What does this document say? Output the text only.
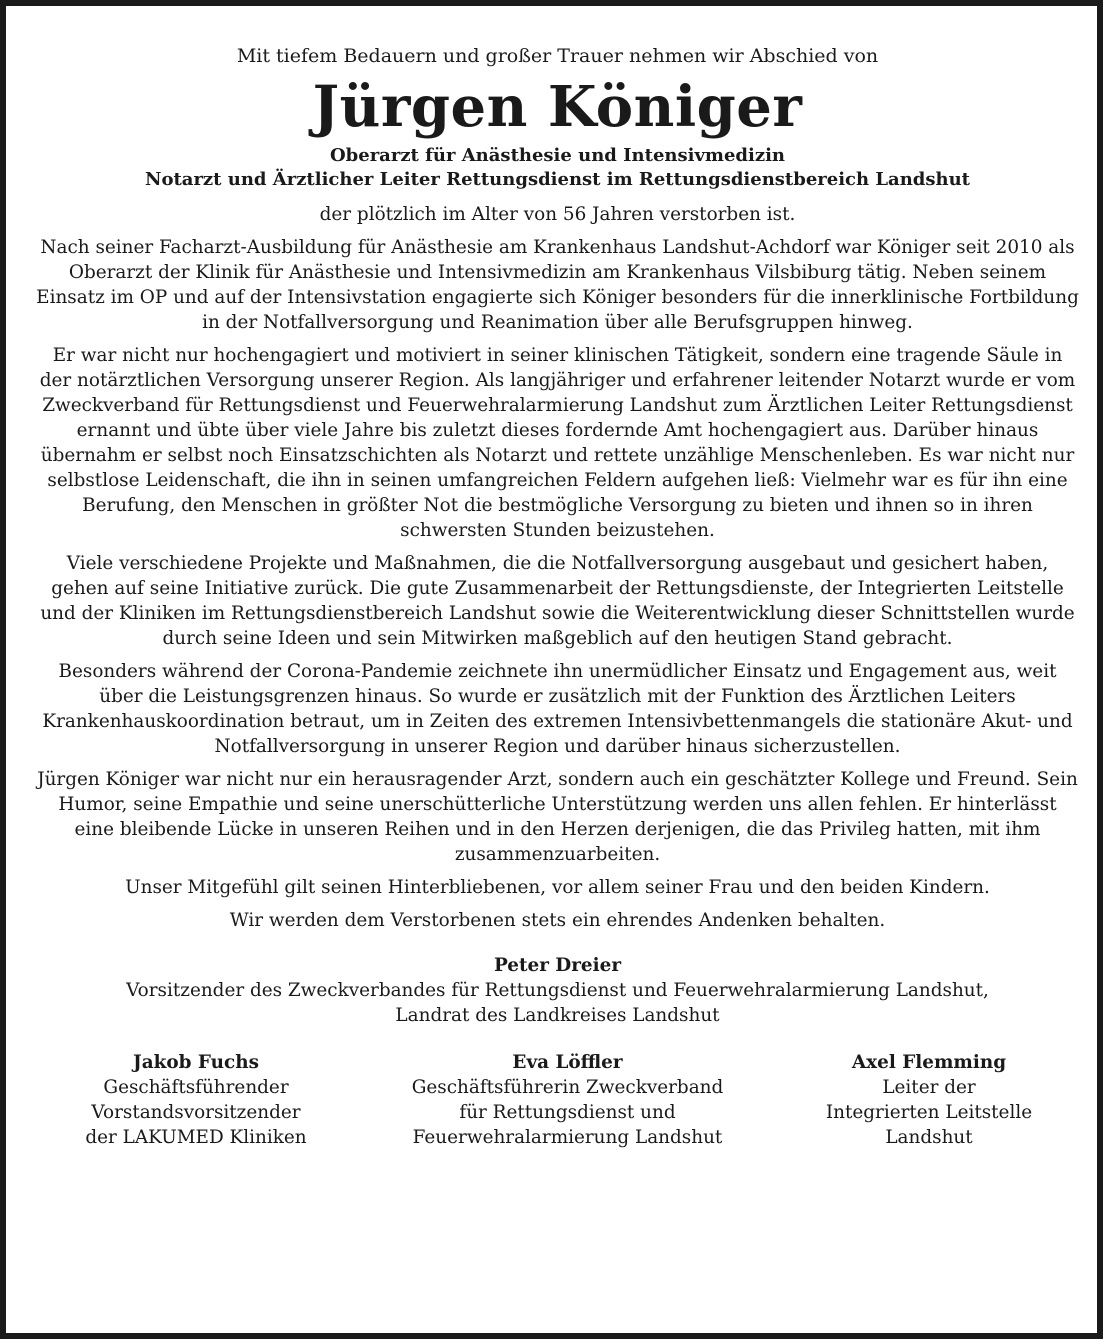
Mit tiefem Bedauern und großer Trauer nehmen wir Abschied von

Jürgen Königer

Oberarzt für Anästhesie und Intensivmedizin

Notarzt und Ärztlicher Leiter Rettungsdienst im Rettungsdienstbereich Landshut

der plötzlich im Alter von 56 Jahren verstorben ist.

Nach seiner Facharzt-Ausbildung für Anästhesie am Krankenhaus Landshut-Achdorf war Königer seit 2010 als Oberarzt der Klinik für Anästhesie und Intensivmedizin am Krankenhaus Vilsbiburg tätig. Neben seinem Einsatz im OP und auf der Intensivstation engagierte sich Königer besonders für die innerklinische Fortbildung in der Notfallversorgung und Reanimation über alle Berufsgruppen hinweg.

Er war nicht nur hochengagiert und motiviert in seiner klinischen Tätigkeit, sondern eine tragende Säule in der notärztlichen Versorgung unserer Region. Als langjähriger und erfahrener leitender Notarzt wurde er vom Zweckverband für Rettungsdienst und Feuerwehralarmierung Landshut zum Ärztlichen Leiter Rettungsdienst ernannt und übte über viele Jahre bis zuletzt dieses fordernde Amt hochengagiert aus. Darüber hinaus übernahm er selbst noch Einsatzschichten als Notarzt und rettete unzählige Menschenleben. Es war nicht nur selbstlose Leidenschaft, die ihn in seinen umfangreichen Feldern aufgehen ließ: Vielmehr war es für ihn eine Berufung, den Menschen in größter Not die bestmögliche Versorgung zu bieten und ihnen so in ihren schwersten Stunden beizustehen.

Viele verschiedene Projekte und Maßnahmen, die die Notfallversorgung ausgebaut und gesichert haben, gehen auf seine Initiative zurück. Die gute Zusammenarbeit der Rettungsdienste, der Integrierten Leitstelle und der Kliniken im Rettungsdienstbereich Landshut sowie die Weiterentwicklung dieser Schnittstellen wurde durch seine Ideen und sein Mitwirken maßgeblich auf den heutigen Stand gebracht.

Besonders während der Corona-Pandemie zeichnete ihn unermüdlicher Einsatz und Engagement aus, weit über die Leistungsgrenzen hinaus. So wurde er zusätzlich mit der Funktion des Ärztlichen Leiters Krankenhauskoordination betraut, um in Zeiten des extremen Intensivbettenmangels die stationäre Akut- und Notfallversorgung in unserer Region und darüber hinaus sicherzustellen.

Jürgen Königer war nicht nur ein herausragender Arzt, sondern auch ein geschätzter Kollege und Freund. Sein Humor, seine Empathie und seine unerschütterliche Unterstützung werden uns allen fehlen. Er hinterlässt eine bleibende Lücke in unseren Reihen und in den Herzen derjenigen, die das Privileg hatten, mit ihm zusammenzuarbeiten.

Unser Mitgefühl gilt seinen Hinterbliebenen, vor allem seiner Frau und den beiden Kindern.

Wir werden dem Verstorbenen stets ein ehrendes Andenken behalten.

Peter Dreier
Vorsitzender des Zweckverbandes für Rettungsdienst und Feuerwehralarmierung Landshut,
Landrat des Landkreises Landshut
Jakob Fuchs
Geschäftsführender
Vorstandsvorsitzender
der LAKUMED Kliniken
Eva Löffler
Geschäftsführerin Zweckverband
für Rettungsdienst und
Feuerwehralarmierung Landshut
Axel Flemming
Leiter der
Integrierten Leitstelle
Landshut
